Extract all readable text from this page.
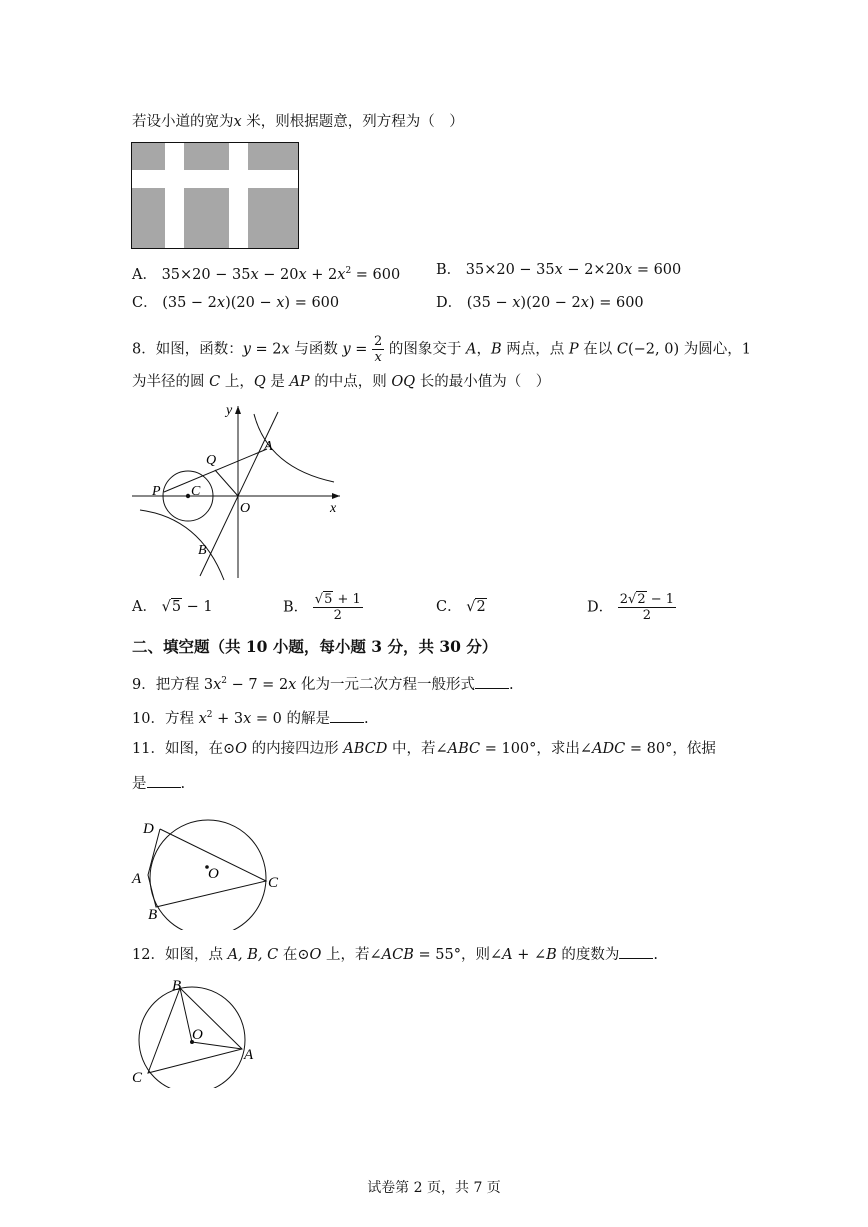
若设小道的宽为x 米，则根据题意，列方程为（　）
A． $35\times 20 - 35x - 20x + 2x^2 = 600$ B． 35×20 − 35x − 2×20x = 600
C． (35 − 2x)(20 − x) = 600	D． (35 − x)(20 − 2x) = 600
8．如图，函数：y = 2x 与函数 $y = \frac{2}{x}$ 的图象交于 A，B 两点，点 P 在以 C(−2, 0) 为圆心，1
为半径的圆 C 上，Q 是 AP 的中点，则 OQ 长的最小值为（　）
y
x
O
A
B
C
P
Q
A． √5 − 1	B． $\frac{√5 + 1}{2}$	C． √2	D． $\frac{2√2 - 1}{2}$
二、填空题（共 10 小题，每小题 3 分，共 30 分）
9．把方程 $3x^2 - 7 = 2x$ 化为一元二次方程一般形式 .
10．方程 $x^2 + 3x = 0$ 的解是 .
11．如图，在⊙O 的内接四边形 ABCD 中，若∠ABC = 100°，求出∠ADC = 80°，依据
是 .
D
A
B
C
O
12．如图，点 A, B, C 在⊙O 上，若∠ACB = 55°，则∠A + ∠B 的度数为 .
B
O
A
C
试卷第 2 页，共 7 页
